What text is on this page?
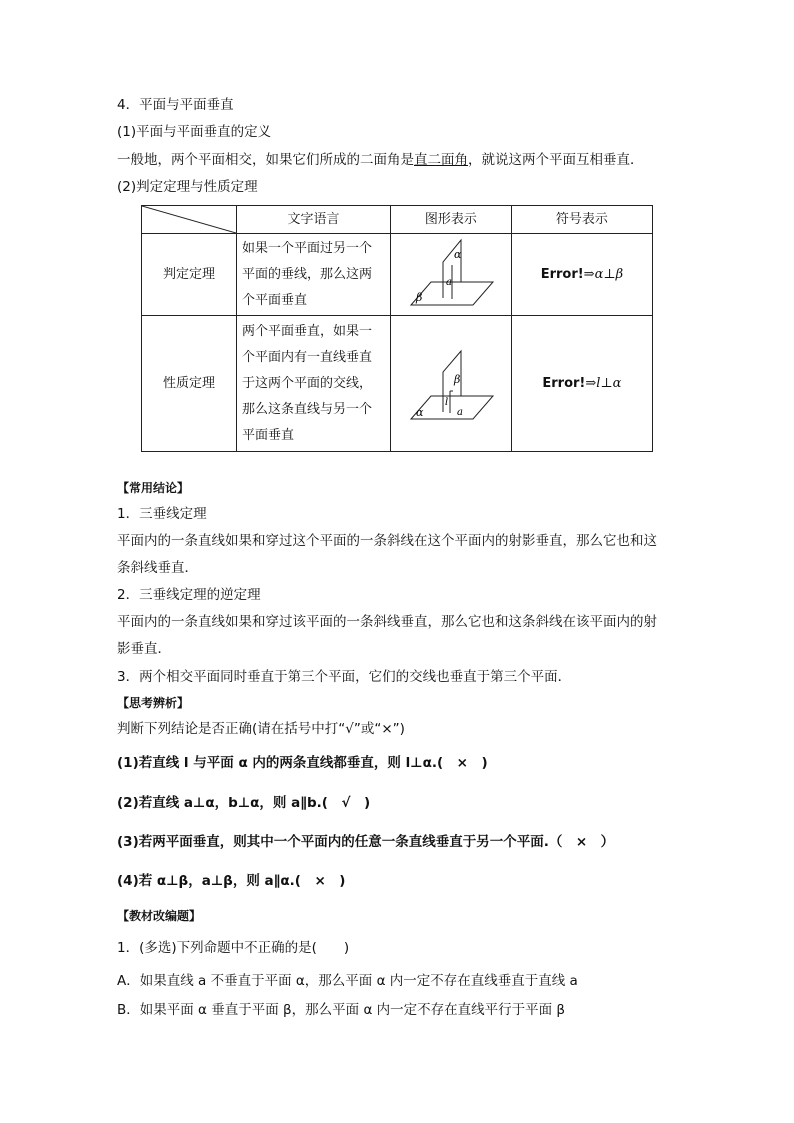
4．平面与平面垂直
(1)平面与平面垂直的定义
一般地，两个平面相交，如果它们所成的二面角是直二面角，就说这两个平面互相垂直．
(2)判定定理与性质定理
	文字语言	图形表示	符号表示
判定定理	如果一个平面过另一个
平面的垂线，那么这两
个平面垂直	α
a
β	Error!⇒α⊥β
性质定理	两个平面垂直，如果一
个平面内有一直线垂直
于这两个平面的交线，
那么这条直线与另一个
平面垂直	β
l
α a	Error!⇒l⊥α
【常用结论】
1．三垂线定理
平面内的一条直线如果和穿过这个平面的一条斜线在这个平面内的射影垂直，那么它也和这
条斜线垂直．
2．三垂线定理的逆定理
平面内的一条直线如果和穿过该平面的一条斜线垂直，那么它也和这条斜线在该平面内的射
影垂直．
3．两个相交平面同时垂直于第三个平面，它们的交线也垂直于第三个平面．
【思考辨析】
判断下列结论是否正确(请在括号中打“√”或“×”)
(1)若直线 l 与平面 α 内的两条直线都垂直，则 l⊥α.(　×　)
(2)若直线 a⊥α，b⊥α，则 a∥b.(　√　)
(3)若两平面垂直，则其中一个平面内的任意一条直线垂直于另一个平面.（　×　）
(4)若 α⊥β，a⊥β，则 a∥α.(　×　)
【教材改编题】
1．(多选)下列命题中不正确的是(　　)
A．如果直线 a 不垂直于平面 α，那么平面 α 内一定不存在直线垂直于直线 a
B．如果平面 α 垂直于平面 β，那么平面 α 内一定不存在直线平行于平面 β
